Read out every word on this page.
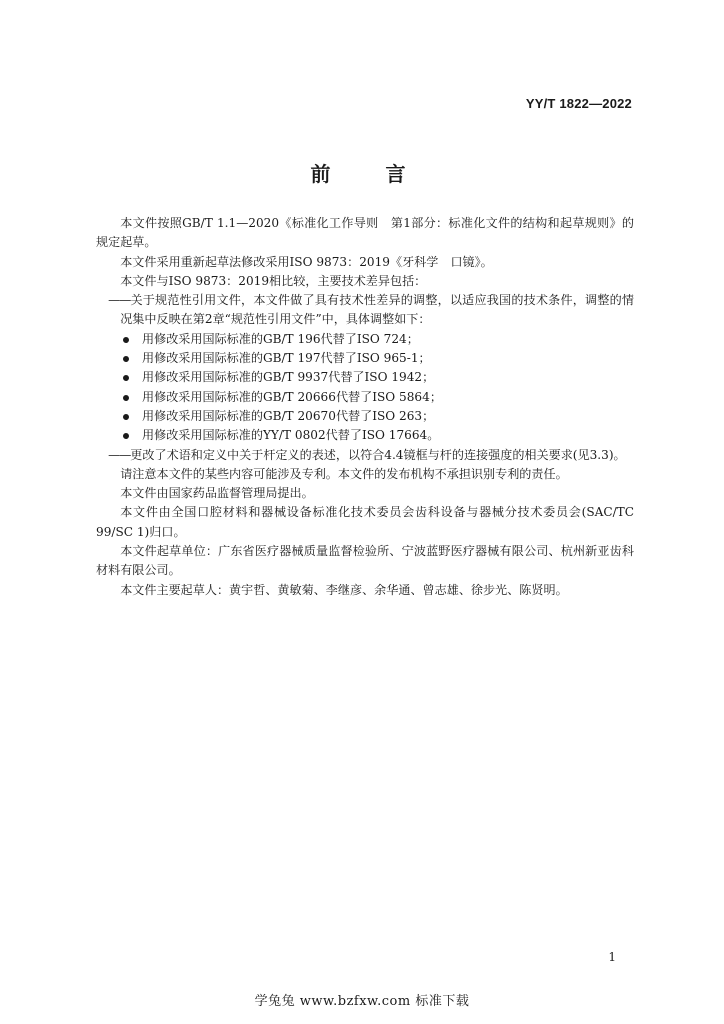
YY/T 1822—2022
前 言

本文件按照GB/T 1.1—2020《标准化工作导则　第1部分：标准化文件的结构和起草规则》的规定起草。

本文件采用重新起草法修改采用ISO 9873：2019《牙科学　口镜》。

本文件与ISO 9873：2019相比较，主要技术差异包括：

——关于规范性引用文件，本文件做了具有技术性差异的调整，以适应我国的技术条件，调整的情况集中反映在第2章“规范性引用文件”中，具体调整如下：

用修改采用国际标准的GB/T 196代替了ISO 724；
用修改采用国际标准的GB/T 197代替了ISO 965-1；
用修改采用国际标准的GB/T 9937代替了ISO 1942；
用修改采用国际标准的GB/T 20666代替了ISO 5864；
用修改采用国际标准的GB/T 20670代替了ISO 263；
用修改采用国际标准的YY/T 0802代替了ISO 17664。

——更改了术语和定义中关于杆定义的表述，以符合4.4镜框与杆的连接强度的相关要求(见3.3)。

请注意本文件的某些内容可能涉及专利。本文件的发布机构不承担识别专利的责任。

本文件由国家药品监督管理局提出。

本文件由全国口腔材料和器械设备标准化技术委员会齿科设备与器械分技术委员会(SAC/TC 99/SC 1)归口。

本文件起草单位：广东省医疗器械质量监督检验所、宁波蓝野医疗器械有限公司、杭州新亚齿科材料有限公司。

本文件主要起草人：黄宇哲、黄敏菊、李继彦、余华通、曾志雄、徐步光、陈贤明。

1
学兔兔 www.bzfxw.com 标准下载
